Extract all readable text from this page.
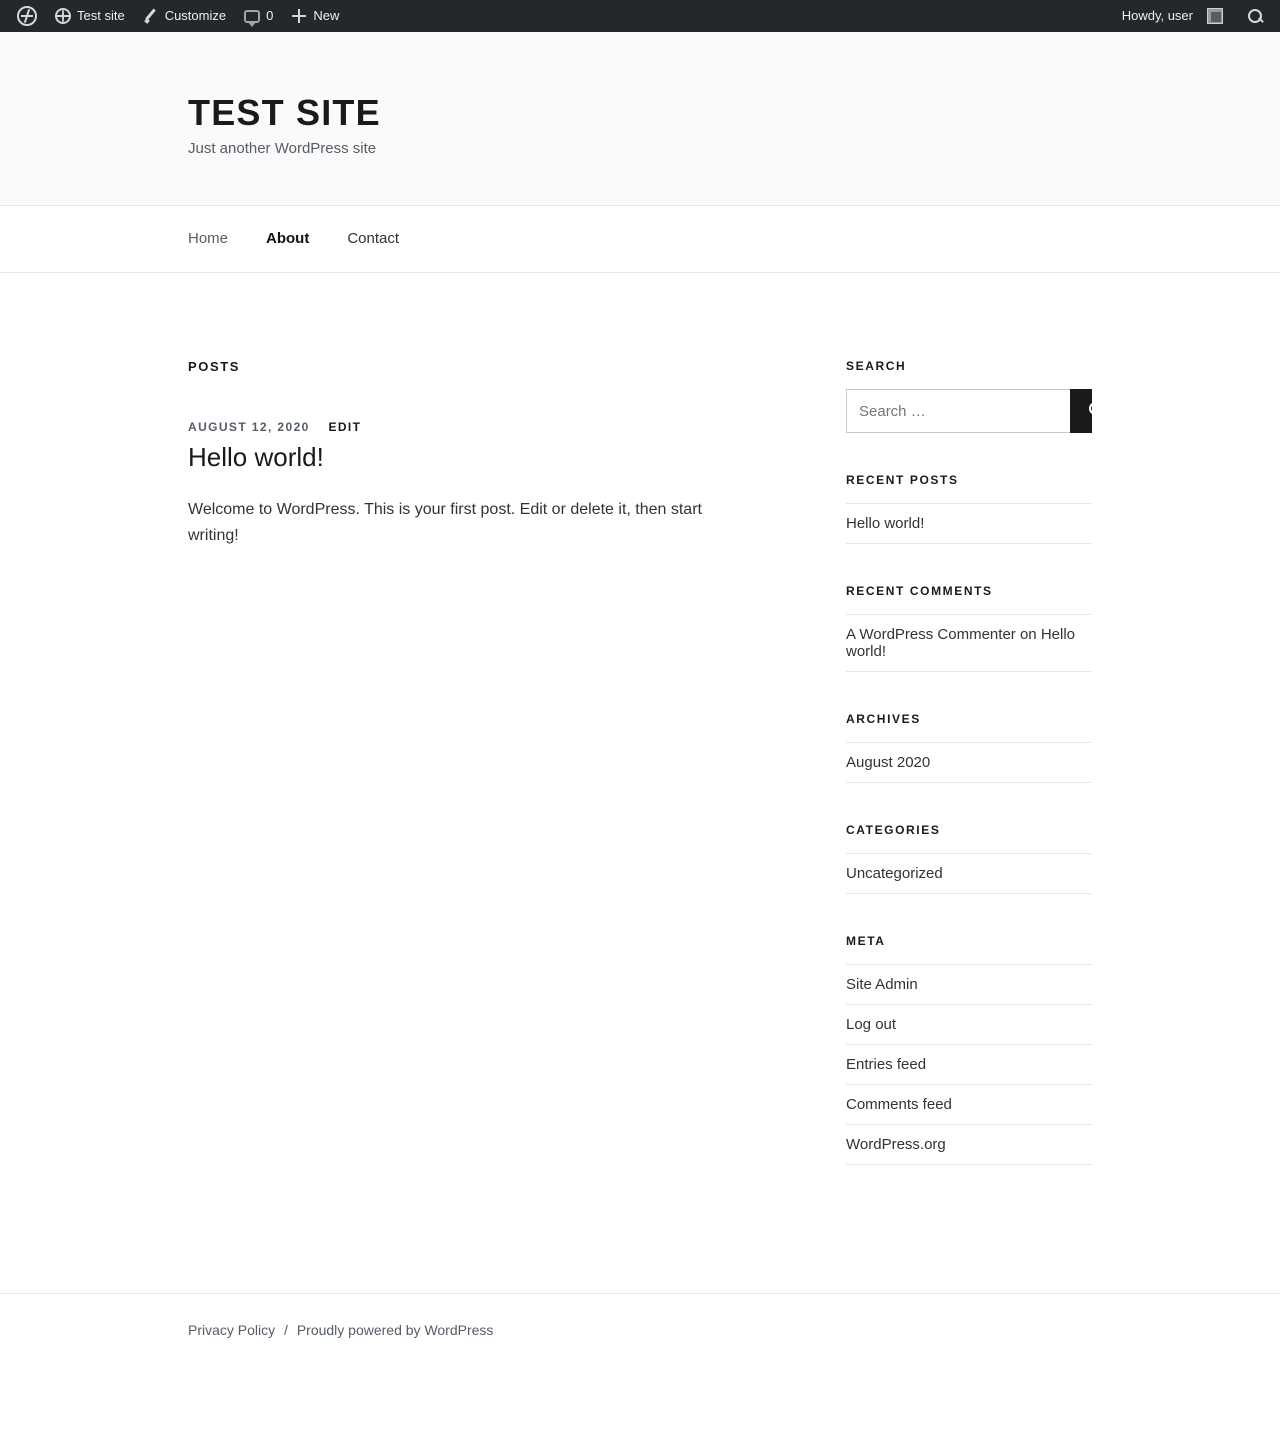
Test site	Customize	0	New	Howdy, user
TEST SITE

Just another WordPress site

Home	About	Contact
POSTS
AUGUST 12, 2020 EDIT
Hello world!

Welcome to WordPress. This is your first post. Edit or delete it, then start writing!

SEARCH
Search …
RECENT POSTS
Hello world!
RECENT COMMENTS
A WordPress Commenter on Hello world!
ARCHIVES
August 2020
CATEGORIES
Uncategorized
META
Site Admin
Log out
Entries feed
Comments feed
WordPress.org
Privacy Policy / Proudly powered by WordPress
